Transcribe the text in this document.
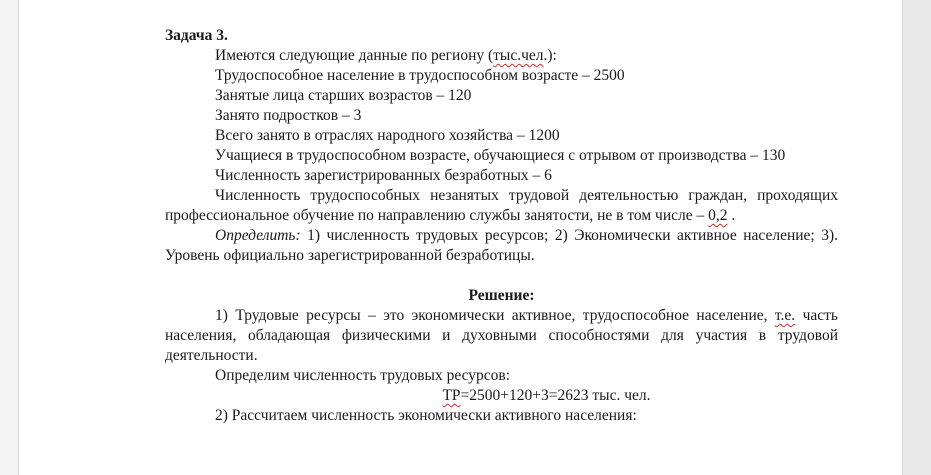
Задача 3.

Имеются следующие данные по региону (тыс.чел.):

Трудоспособное население в трудоспособном возрасте – 2500

Занятые лица старших возрастов – 120

Занято подростков – 3

Всего занято в отраслях народного хозяйства – 1200

Учащиеся в трудоспособном возрасте, обучающиеся с отрывом от производства – 130

Численность зарегистрированных безработных – 6

Численность трудоспособных незанятых трудовой деятельностью граждан, проходящих профессиональное обучение по направлению службы занятости, не в том числе – 0,2 .

Определить: 1) численность трудовых ресурсов; 2) Экономически активное население; 3). Уровень официально зарегистрированной безработицы.

Решение:

1) Трудовые ресурсы – это экономически активное, трудоспособное население, т.е. часть населения, обладающая физическими и духовными способностями для участия в трудовой деятельности.

Определим численность трудовых ресурсов:

ТР=2500+120+3=2623 тыс. чел.

2) Рассчитаем численность экономически активного населения:
